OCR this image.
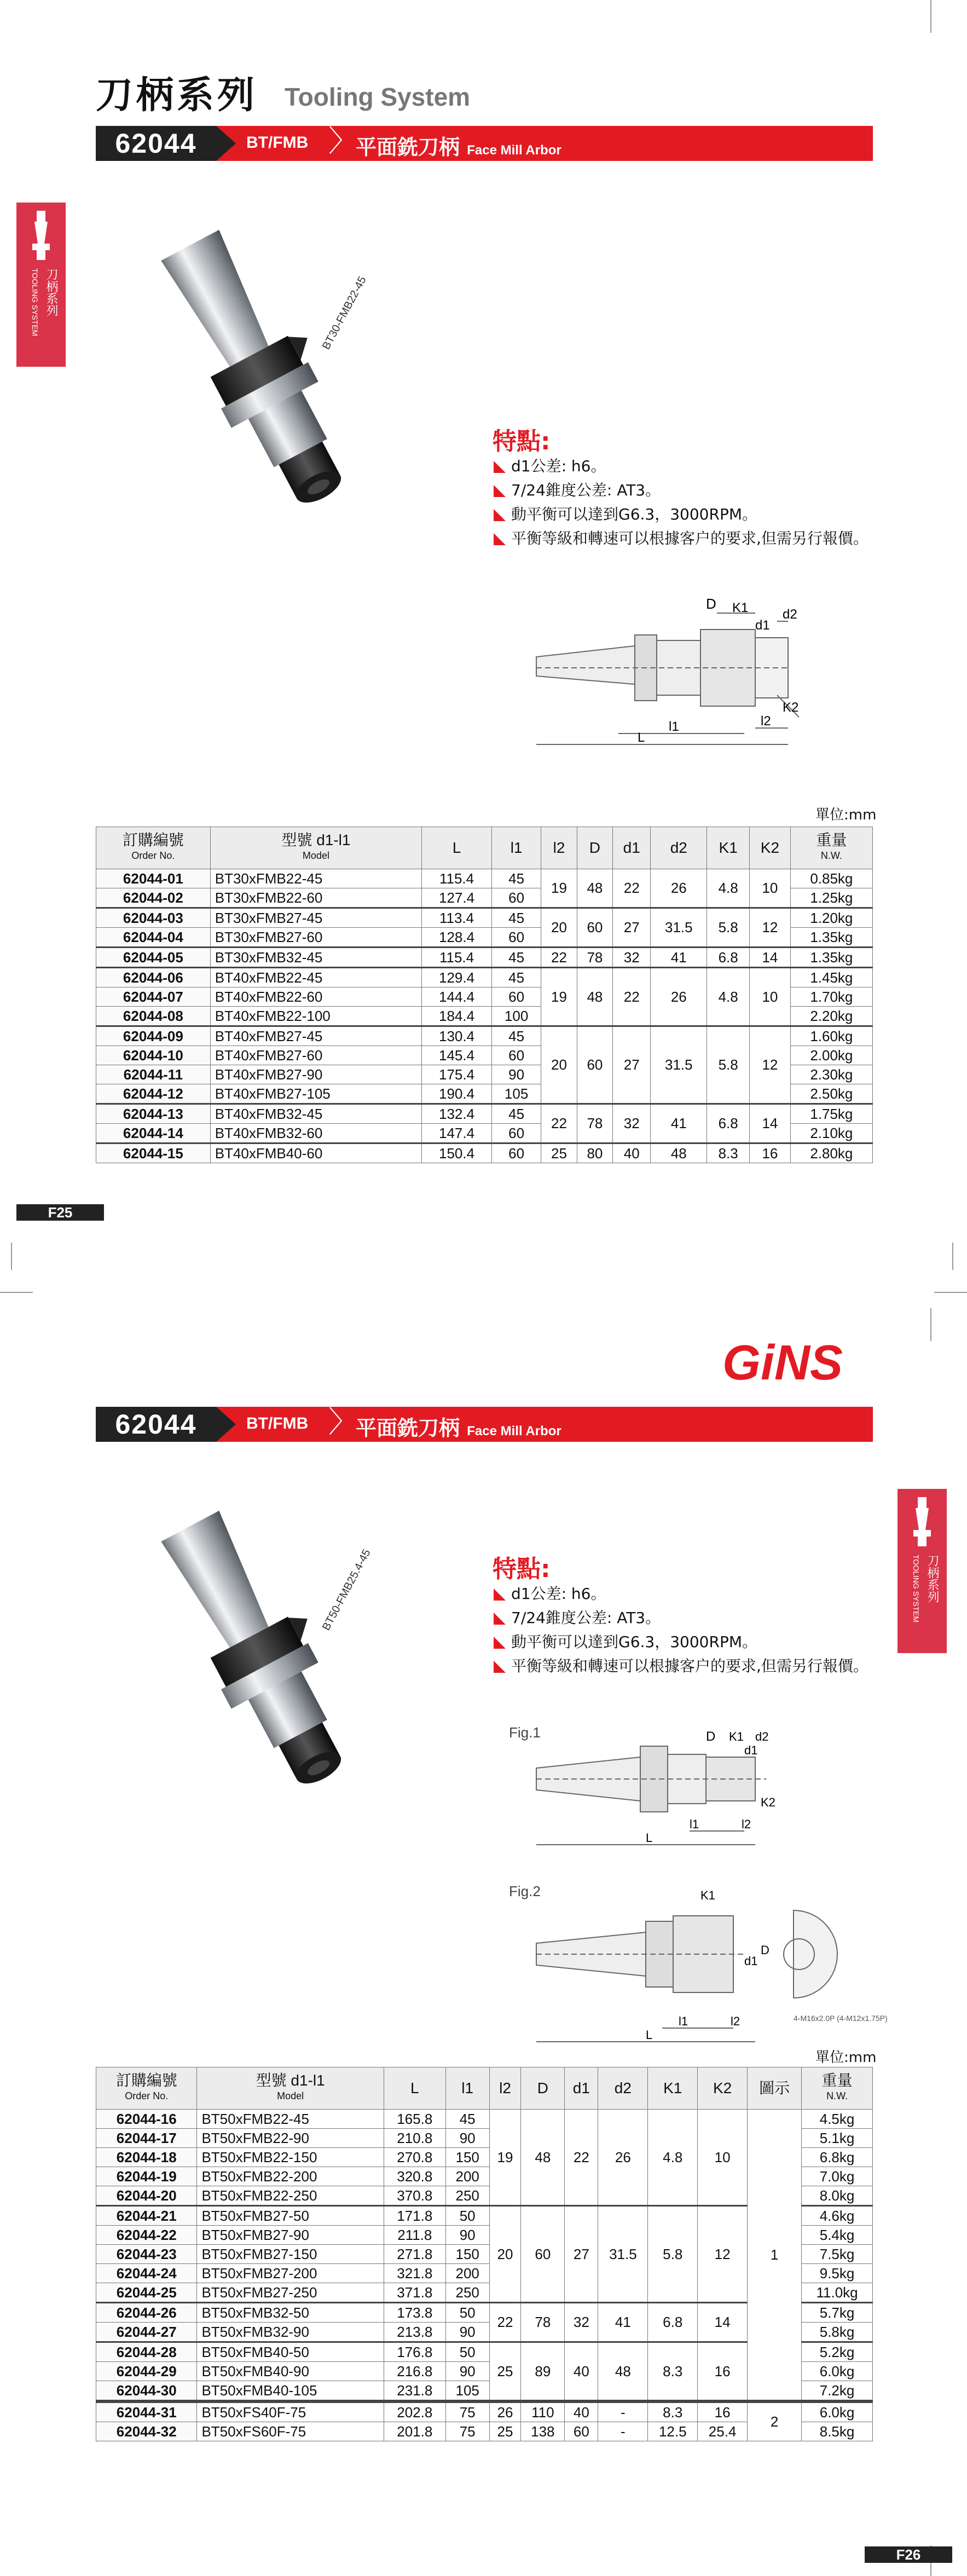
刀柄系列 Tooling System
62044	BT/FMB 〉
平面銑刀柄 Face Mill Arbor
刀柄系列
TOOLING SYSTEM	BT30-FMB22-45
特點:
d1公差: h6。
7/24錐度公差: AT3。
動平衡可以達到G6.3，3000RPM。
平衡等級和轉速可以根據客户的要求,但需另行報價。
D K1
d1
d2
l1	l2
L
K2
單位:mm
訂購編號
Order No.	型號 d1-l1
Model	L	l1	l2	D	d1	d2	K1	K2	重量
N.W.

62044-01	BT30xFMB22-45	115.4	45	19	48	22	26	4.8	10	0.85kg
62044-02	BT30xFMB22-60	127.4	60							1.25kg
62044-03	BT30xFMB27-45	113.4	45	20	60	27	31.5	5.8	12	1.20kg
62044-04	BT30xFMB27-60	128.4	60							1.35kg
62044-05	BT30xFMB32-45	115.4	45	22	78	32	41	6.8	14	1.35kg
62044-06	BT40xFMB22-45	129.4	45	19	48	22	26	4.8	10	1.45kg
62044-07	BT40xFMB22-60	144.4	60							1.70kg
62044-08	BT40xFMB22-100	184.4	100							2.20kg
62044-09	BT40xFMB27-45	130.4	45	20	60	27	31.5	5.8	12	1.60kg
62044-10	BT40xFMB27-60	145.4	60							2.00kg
62044-11	BT40xFMB27-90	175.4	90							2.30kg
62044-12	BT40xFMB27-105	190.4	105							2.50kg
62044-13	BT40xFMB32-45	132.4	45	22	78	32	41	6.8	14	1.75kg
62044-14	BT40xFMB32-60	147.4	60							2.10kg
62044-15	BT40xFMB40-60	150.4	60	25	80	40	48	8.3	16	2.80kg
F25
GiNS
62044	BT/FMB 〉
平面銑刀柄 Face Mill Arbor
刀柄系列
TOOLING SYSTEM
BT50-FMB25.4-45	特點:
d1公差: h6。
7/24錐度公差: AT3。
動平衡可以達到G6.3，3000RPM。
平衡等級和轉速可以根據客户的要求,但需另行報價。
Fig.1	D K1 d2
d1
K2
l1	l2
L
Fig.2	K1
d1
D
l1	l2
L
4-M16x2.0P (4-M12x1.75P)
單位:mm
訂購編號
Order No.	型號 d1-l1
Model	L	l1	l2	D	d1	d2	K1	K2	圖示	重量
N.W.

62044-16	BT50xFMB22-45	165.8	45	19	48	22	26	4.8	10	1	4.5kg
62044-17	BT50xFMB22-90	210.8	90								5.1kg
62044-18	BT50xFMB22-150	270.8	150								6.8kg
62044-19	BT50xFMB22-200	320.8	200								7.0kg
62044-20	BT50xFMB22-250	370.8	250								8.0kg
62044-21	BT50xFMB27-50	171.8	50	20	60	27	31.5	5.8	12		4.6kg
62044-22	BT50xFMB27-90	211.8	90								5.4kg
62044-23	BT50xFMB27-150	271.8	150								7.5kg
62044-24	BT50xFMB27-200	321.8	200								9.5kg
62044-25	BT50xFMB27-250	371.8	250								11.0kg
62044-26	BT50xFMB32-50	173.8	50	22	78	32	41	6.8	14		5.7kg
62044-27	BT50xFMB32-90	213.8	90								5.8kg
62044-28	BT50xFMB40-50	176.8	50	25	89	40	48	8.3	16		5.2kg
62044-29	BT50xFMB40-90	216.8	90								6.0kg
62044-30	BT50xFMB40-105	231.8	105								7.2kg
62044-31	BT50xFS40F-75	202.8	75	26	110	40	-	8.3	16	2	6.0kg
62044-32	BT50xFS60F-75	201.8	75	25	138	60	-	12.5	25.4		8.5kg
F26
